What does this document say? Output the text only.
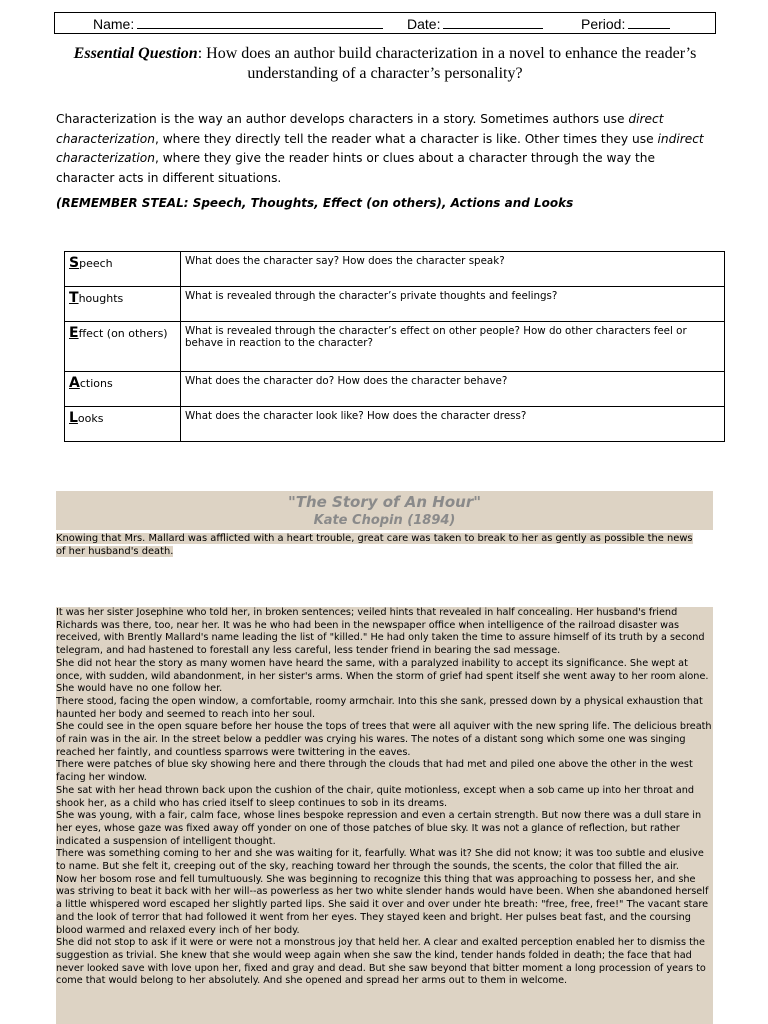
Name:	Date:	Period:
Essential Question: How does an author build characterization in a novel to enhance the reader’s understanding of a character’s personality?
Characterization is the way an author develops characters in a story. Sometimes authors use direct characterization, where they directly tell the reader what a character is like. Other times they use indirect characterization, where they give the reader hints or clues about a character through the way the character acts in different situations.
(REMEMBER STEAL: Speech, Thoughts, Effect (on others), Actions and Looks
Speech	What does the character say? How does the character speak?
Thoughts	What is revealed through the character’s private thoughts and feelings?
Effect (on others)	What is revealed through the character’s effect on other people? How do other characters feel or behave in reaction to the character?
Actions	What does the character do? How does the character behave?
Looks	What does the character look like? How does the character dress?
"The Story of An Hour"
Kate Chopin (1894)
Knowing that Mrs. Mallard was afflicted with a heart trouble, great care was taken to break to her as gently as possible the news of her husband's death.

It was her sister Josephine who told her, in broken sentences; veiled hints that revealed in half concealing. Her husband's friend Richards was there, too, near her. It was he who had been in the newspaper office when intelligence of the railroad disaster was received, with Brently Mallard's name leading the list of "killed." He had only taken the time to assure himself of its truth by a second telegram, and had hastened to forestall any less careful, less tender friend in bearing the sad message.

She did not hear the story as many women have heard the same, with a paralyzed inability to accept its significance. She wept at once, with sudden, wild abandonment, in her sister's arms. When the storm of grief had spent itself she went away to her room alone. She would have no one follow her.

There stood, facing the open window, a comfortable, roomy armchair. Into this she sank, pressed down by a physical exhaustion that haunted her body and seemed to reach into her soul.

She could see in the open square before her house the tops of trees that were all aquiver with the new spring life. The delicious breath of rain was in the air. In the street below a peddler was crying his wares. The notes of a distant song which some one was singing reached her faintly, and countless sparrows were twittering in the eaves.

There were patches of blue sky showing here and there through the clouds that had met and piled one above the other in the west facing her window.

She sat with her head thrown back upon the cushion of the chair, quite motionless, except when a sob came up into her throat and shook her, as a child who has cried itself to sleep continues to sob in its dreams.

She was young, with a fair, calm face, whose lines bespoke repression and even a certain strength. But now there was a dull stare in her eyes, whose gaze was fixed away off yonder on one of those patches of blue sky. It was not a glance of reflection, but rather indicated a suspension of intelligent thought.

There was something coming to her and she was waiting for it, fearfully. What was it? She did not know; it was too subtle and elusive to name. But she felt it, creeping out of the sky, reaching toward her through the sounds, the scents, the color that filled the air.

Now her bosom rose and fell tumultuously. She was beginning to recognize this thing that was approaching to possess her, and she was striving to beat it back with her will--as powerless as her two white slender hands would have been. When she abandoned herself a little whispered word escaped her slightly parted lips. She said it over and over under hte breath: "free, free, free!" The vacant stare and the look of terror that had followed it went from her eyes. They stayed keen and bright. Her pulses beat fast, and the coursing blood warmed and relaxed every inch of her body.

She did not stop to ask if it were or were not a monstrous joy that held her. A clear and exalted perception enabled her to dismiss the suggestion as trivial. She knew that she would weep again when she saw the kind, tender hands folded in death; the face that had never looked save with love upon her, fixed and gray and dead. But she saw beyond that bitter moment a long procession of years to come that would belong to her absolutely. And she opened and spread her arms out to them in welcome.
